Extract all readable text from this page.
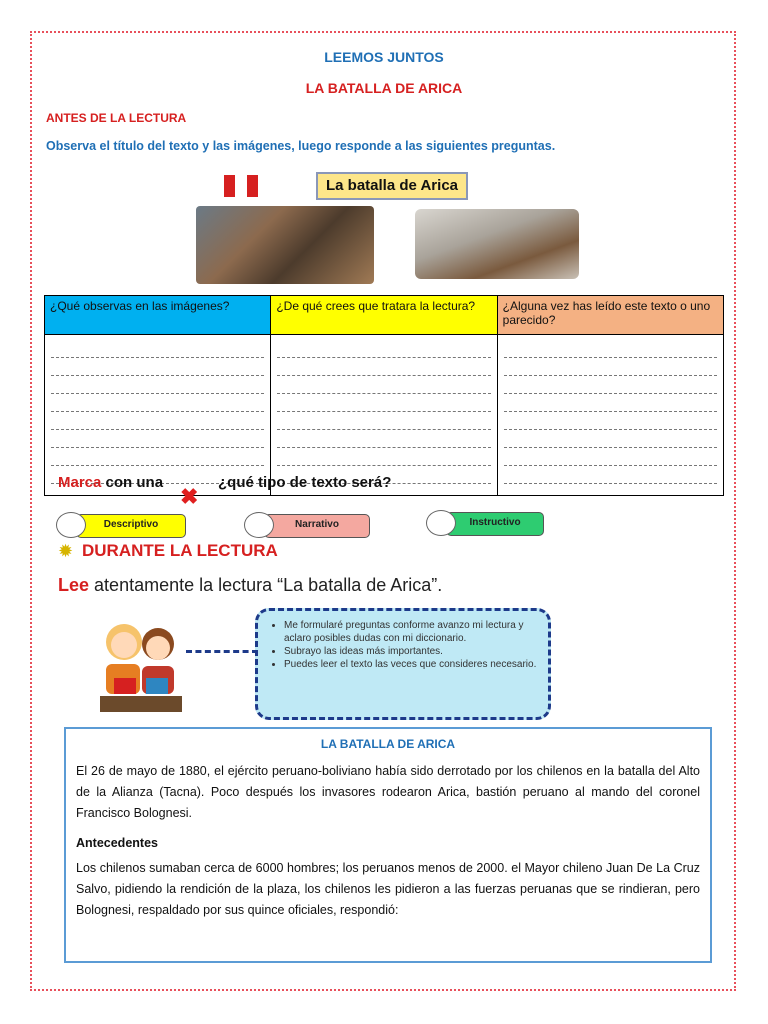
LEEMOS JUNTOS
LA BATALLA DE ARICA
ANTES DE LA LECTURA
Observa el título del texto y las imágenes, luego responde a las siguientes preguntas.
La batalla de Arica
¿Qué observas en las imágenes?	¿De qué crees que tratara la lectura?	¿Alguna vez has leído este texto o uno parecido?

Marca con una
✖
¿qué tipo de texto será?
Descriptivo	Narrativo	Instructivo
✹ DURANTE LA LECTURA
Lee atentamente la lectura “La batalla de Arica”.
• Me formularé preguntas conforme avanzo mi lectura y aclaro posibles dudas con mi diccionario.
• Subrayo las ideas más importantes.
• Puedes leer el texto las veces que consideres necesario.
LA BATALLA DE ARICA

El 26 de mayo de 1880, el ejército peruano-boliviano había sido derrotado por los chilenos en la batalla del Alto de la Alianza (Tacna). Poco después los invasores rodearon Arica, bastión peruano al mando del coronel Francisco Bolognesi.

Antecedentes

Los chilenos sumaban cerca de 6000 hombres; los peruanos menos de 2000. el Mayor chileno Juan De La Cruz Salvo, pidiendo la rendición de la plaza, los chilenos les pidieron a las fuerzas peruanas que se rindieran, pero Bolognesi, respaldado por sus quince oficiales, respondió:
